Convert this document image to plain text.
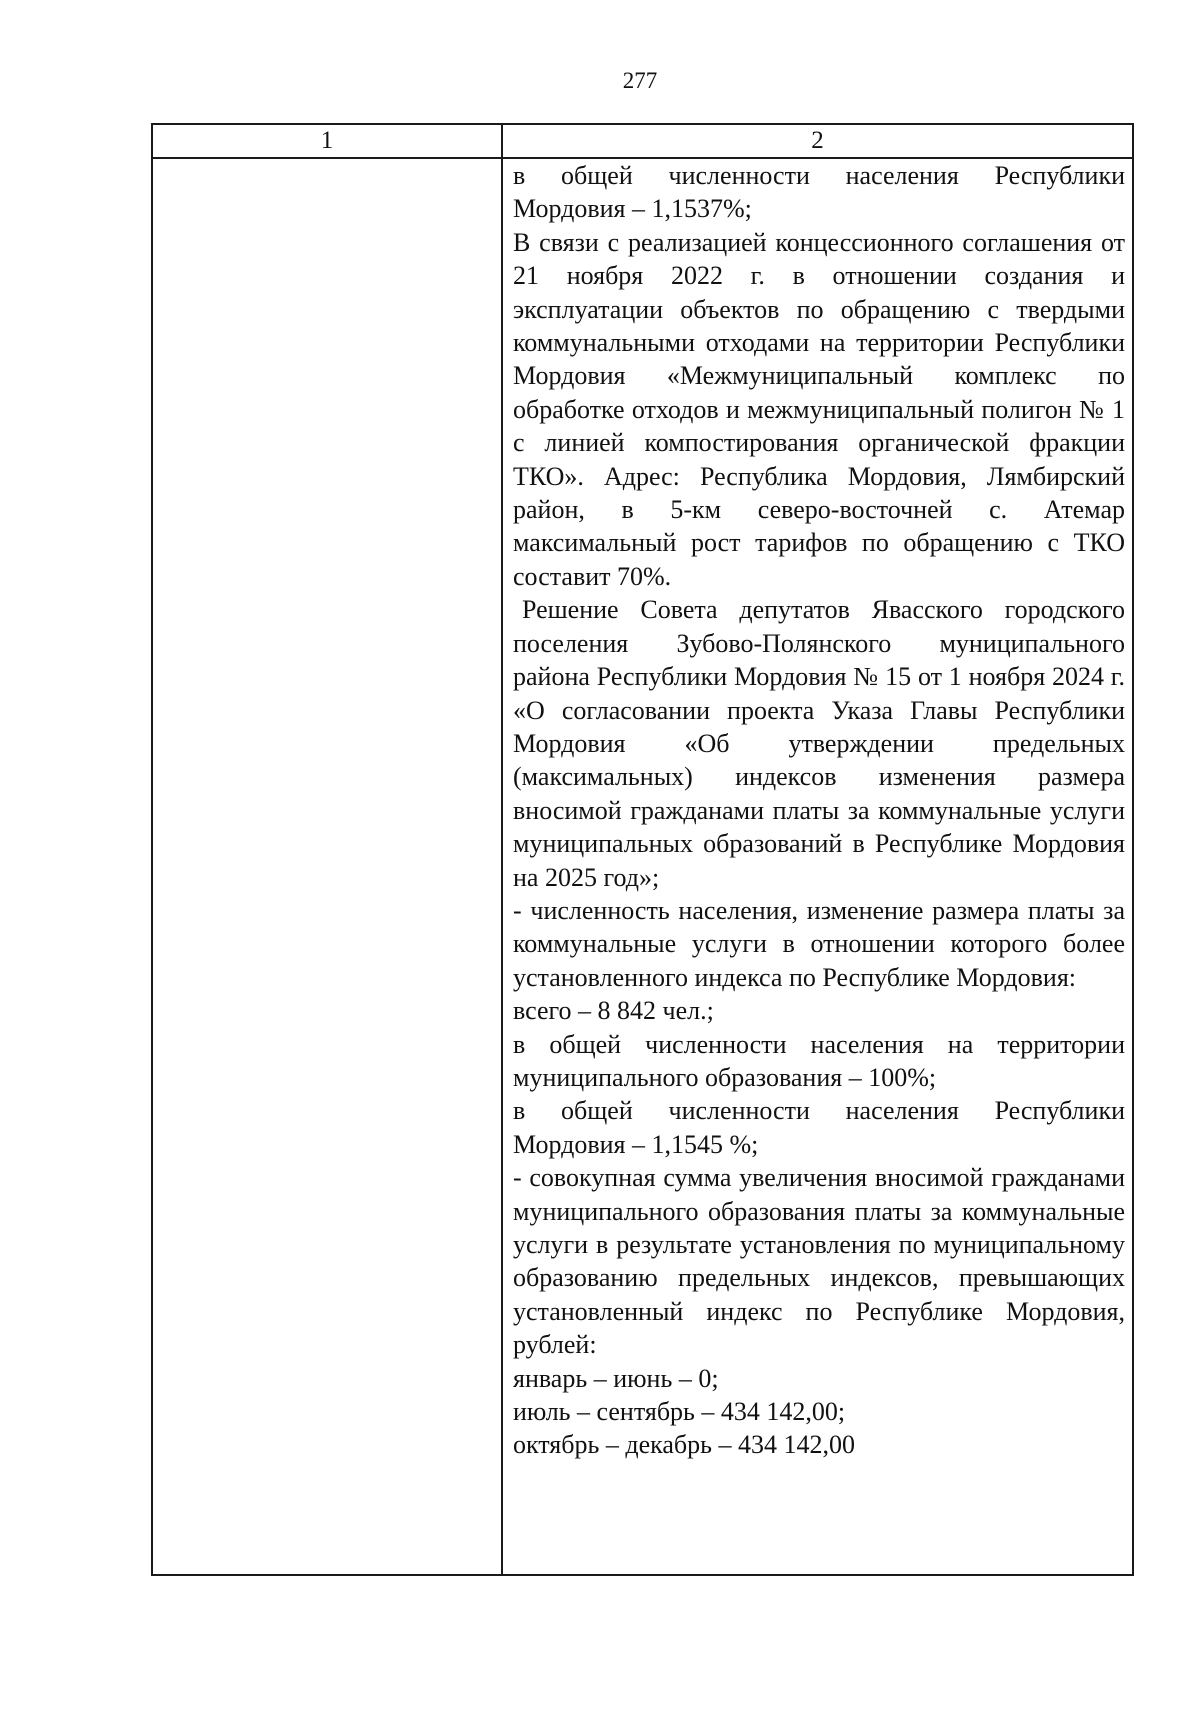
277
1	2

в общей численности населения Республики Мордовия – 1,1537%;

В связи с реализацией концессионного соглашения от 21 ноября 2022 г. в отношении создания и эксплуатации объектов по обращению с твердыми коммунальными отходами на территории Республики Мордовия «Межмуниципальный комплекс по обработке отходов и межмуниципальный полигон № 1 с линией компостирования органической фракции ТКО». Адрес: Республика Мордовия, Лямбирский район, в 5-км северо-восточней с. Атемар максимальный рост тарифов по обращению с ТКО составит 70%.

Решение Совета депутатов Явасского городского поселения Зубово-Полянского муниципального района Республики Мордовия № 15 от 1 ноября 2024 г. «О согласовании проекта Указа Главы Республики Мордовия «Об утверждении предельных (максимальных) индексов изменения размера вносимой гражданами платы за коммунальные услуги муниципальных образований в Республике Мордовия на 2025 год»;

- численность населения, изменение размера платы за коммунальные услуги в отношении которого более установленного индекса по Республике Мордовия:

всего – 8 842 чел.;

в общей численности населения на территории муниципального образования – 100%;

в общей численности населения Республики Мордовия – 1,1545 %;

- совокупная сумма увеличения вносимой гражданами муниципального образования платы за коммунальные услуги в результате установления по муниципальному образованию предельных индексов, превышающих установленный индекс по Республике Мордовия, рублей:

январь – июнь – 0;

июль – сентябрь – 434 142,00;

октябрь – декабрь – 434 142,00
